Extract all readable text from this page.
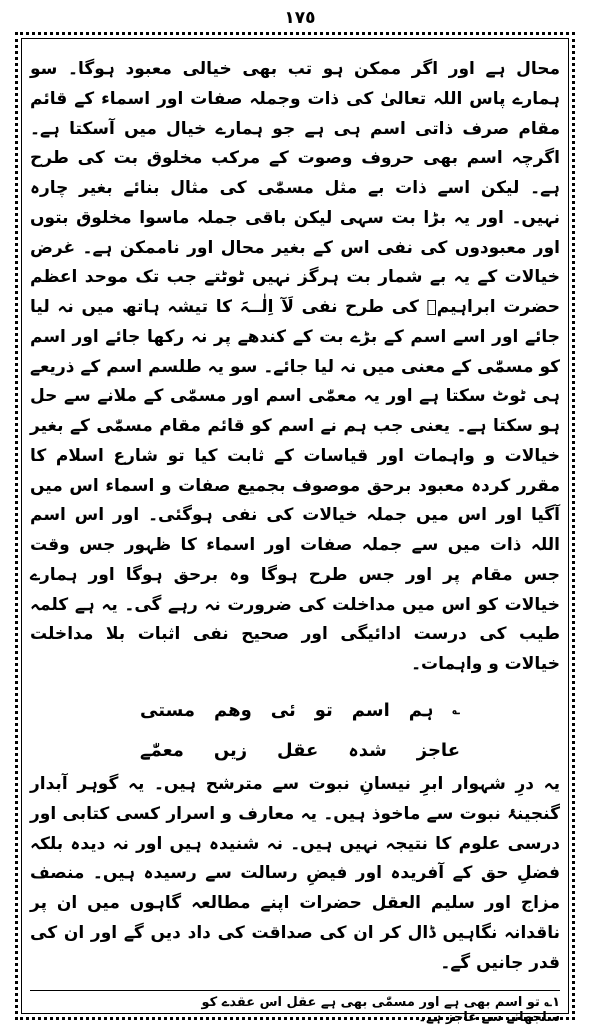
١٧٥

محال ہے اور اگر ممکن ہو تب بھی خیالی معبود ہوگا۔ سو ہمارے پاس اللہ تعالیٰ کی ذات وجملہ صفات اور اسماء کے قائم مقام صرف ذاتی اسم ہی ہے جو ہمارے خیال میں آسکتا ہے۔ اگرچہ اسم بھی حروف وصوت کے مرکب مخلوق بت کی طرح ہے۔ لیکن اسے ذات بے مثل مسمّٰی کی مثال بنائے بغیر چارہ نہیں۔ اور یہ بڑا بت سہی لیکن باقی جملہ ماسوا مخلوق بتوں اور معبودوں کی نفی اس کے بغیر محال اور ناممکن ہے۔ غرض خیالات کے یہ بے شمار بت ہرگز نہیں ٹوٹتے جب تک موحد اعظم حضرت ابراہیمؑ کی طرح نفی لَآ اِلٰــہَ کا تیشہ ہاتھ میں نہ لیا جائے اور اسے اسم کے بڑے بت کے کندھے پر نہ رکھا جائے اور اسم کو مسمّٰی کے معنی میں نہ لیا جائے۔ سو یہ طلسم اسم کے ذریعے ہی ٹوٹ سکتا ہے اور یہ معمّٰی اسم اور مسمّٰی کے ملانے سے حل ہو سکتا ہے۔ یعنی جب ہم نے اسم کو قائم مقام مسمّٰی کے بغیر خیالات و واہمات اور قیاسات کے ثابت کیا تو شارع اسلام کا مقرر کردہ معبود برحق موصوف بجمیع صفات و اسماء اس میں آگیا اور اس میں جملہ خیالات کی نفی ہوگئی۔ اور اس اسم اللہ ذات میں سے جملہ صفات اور اسماء کا ظہور جس وقت جس مقام پر اور جس طرح ہوگا وہ برحق ہوگا اور ہمارے خیالات کو اس میں مداخلت کی ضرورت نہ رہے گی۔ یہ ہے کلمہ طیب کی درست ادائیگی اور صحیح نفی اثبات بلا مداخلت خیالات و واہمات۔

؎
ہم
اسم
تو
ئی
وھم
مستی
عاجز
شدہ
عقل
زیں
معمّٰے

یہ درِ شہوار ابرِ نیسانِ نبوت سے مترشح ہیں۔ یہ گوہر آبدار گنجینۂ نبوت سے ماخوذ ہیں۔ یہ معارف و اسرار کسی کتابی اور درسی علوم کا نتیجہ نہیں ہیں۔ نہ شنیدہ ہیں اور نہ دیدہ بلکہ فضلِ حق کے آفریدہ اور فیضِ رسالت سے رسیدہ ہیں۔ منصف مزاج اور سلیم العقل حضرات اپنے مطالعہ گاہوں میں ان پر ناقدانہ نگاہیں ڈال کر ان کی صداقت کی داد دیں گے اور ان کی قدر جانیں گے۔

۱؎ تو اسم بھی ہے اور مسمّٰی بھی ہے عقل اس عقدے کو سلجھانے سے عاجز ہے۔
